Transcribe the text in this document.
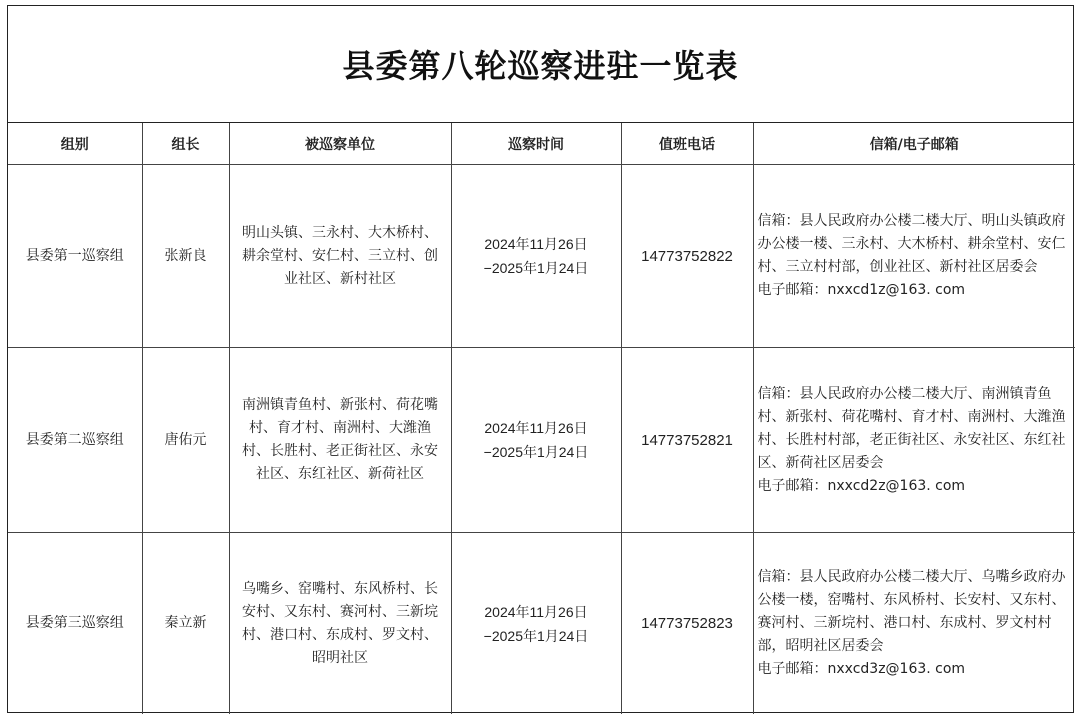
县委第八轮巡察进驻一览表
组别	组长	被巡察单位	巡察时间	值班电话	信箱/电子邮箱
县委第一巡察组	张新良	明山头镇、三永村、大木桥村、耕余堂村、安仁村、三立村、创业社区、新村社区	2024年11月26日
−2025年1月24日	14773752822	信箱：县人民政府办公楼二楼大厅、明山头镇政府办公楼一楼、三永村、大木桥村、耕余堂村、安仁村、三立村村部，创业社区、新村社区居委会
电子邮箱：nxxcd1z@163. com

县委第二巡察组	唐佑元	南洲镇青鱼村、新张村、荷花嘴村、育才村、南洲村、大潍渔村、长胜村、老正街社区、永安社区、东红社区、新荷社区	2024年11月26日
−2025年1月24日	14773752821	信箱：县人民政府办公楼二楼大厅、南洲镇青鱼村、新张村、荷花嘴村、育才村、南洲村、大潍渔村、长胜村村部，老正街社区、永安社区、东红社区、新荷社区居委会
电子邮箱：nxxcd2z@163. com

县委第三巡察组	秦立新	乌嘴乡、窑嘴村、东风桥村、长安村、又东村、赛河村、三新垸村、港口村、东成村、罗文村、昭明社区	2024年11月26日
−2025年1月24日	14773752823	信箱：县人民政府办公楼二楼大厅、乌嘴乡政府办公楼一楼，窑嘴村、东风桥村、长安村、又东村、赛河村、三新垸村、港口村、东成村、罗文村村部，昭明社区居委会
电子邮箱：nxxcd3z@163. com
